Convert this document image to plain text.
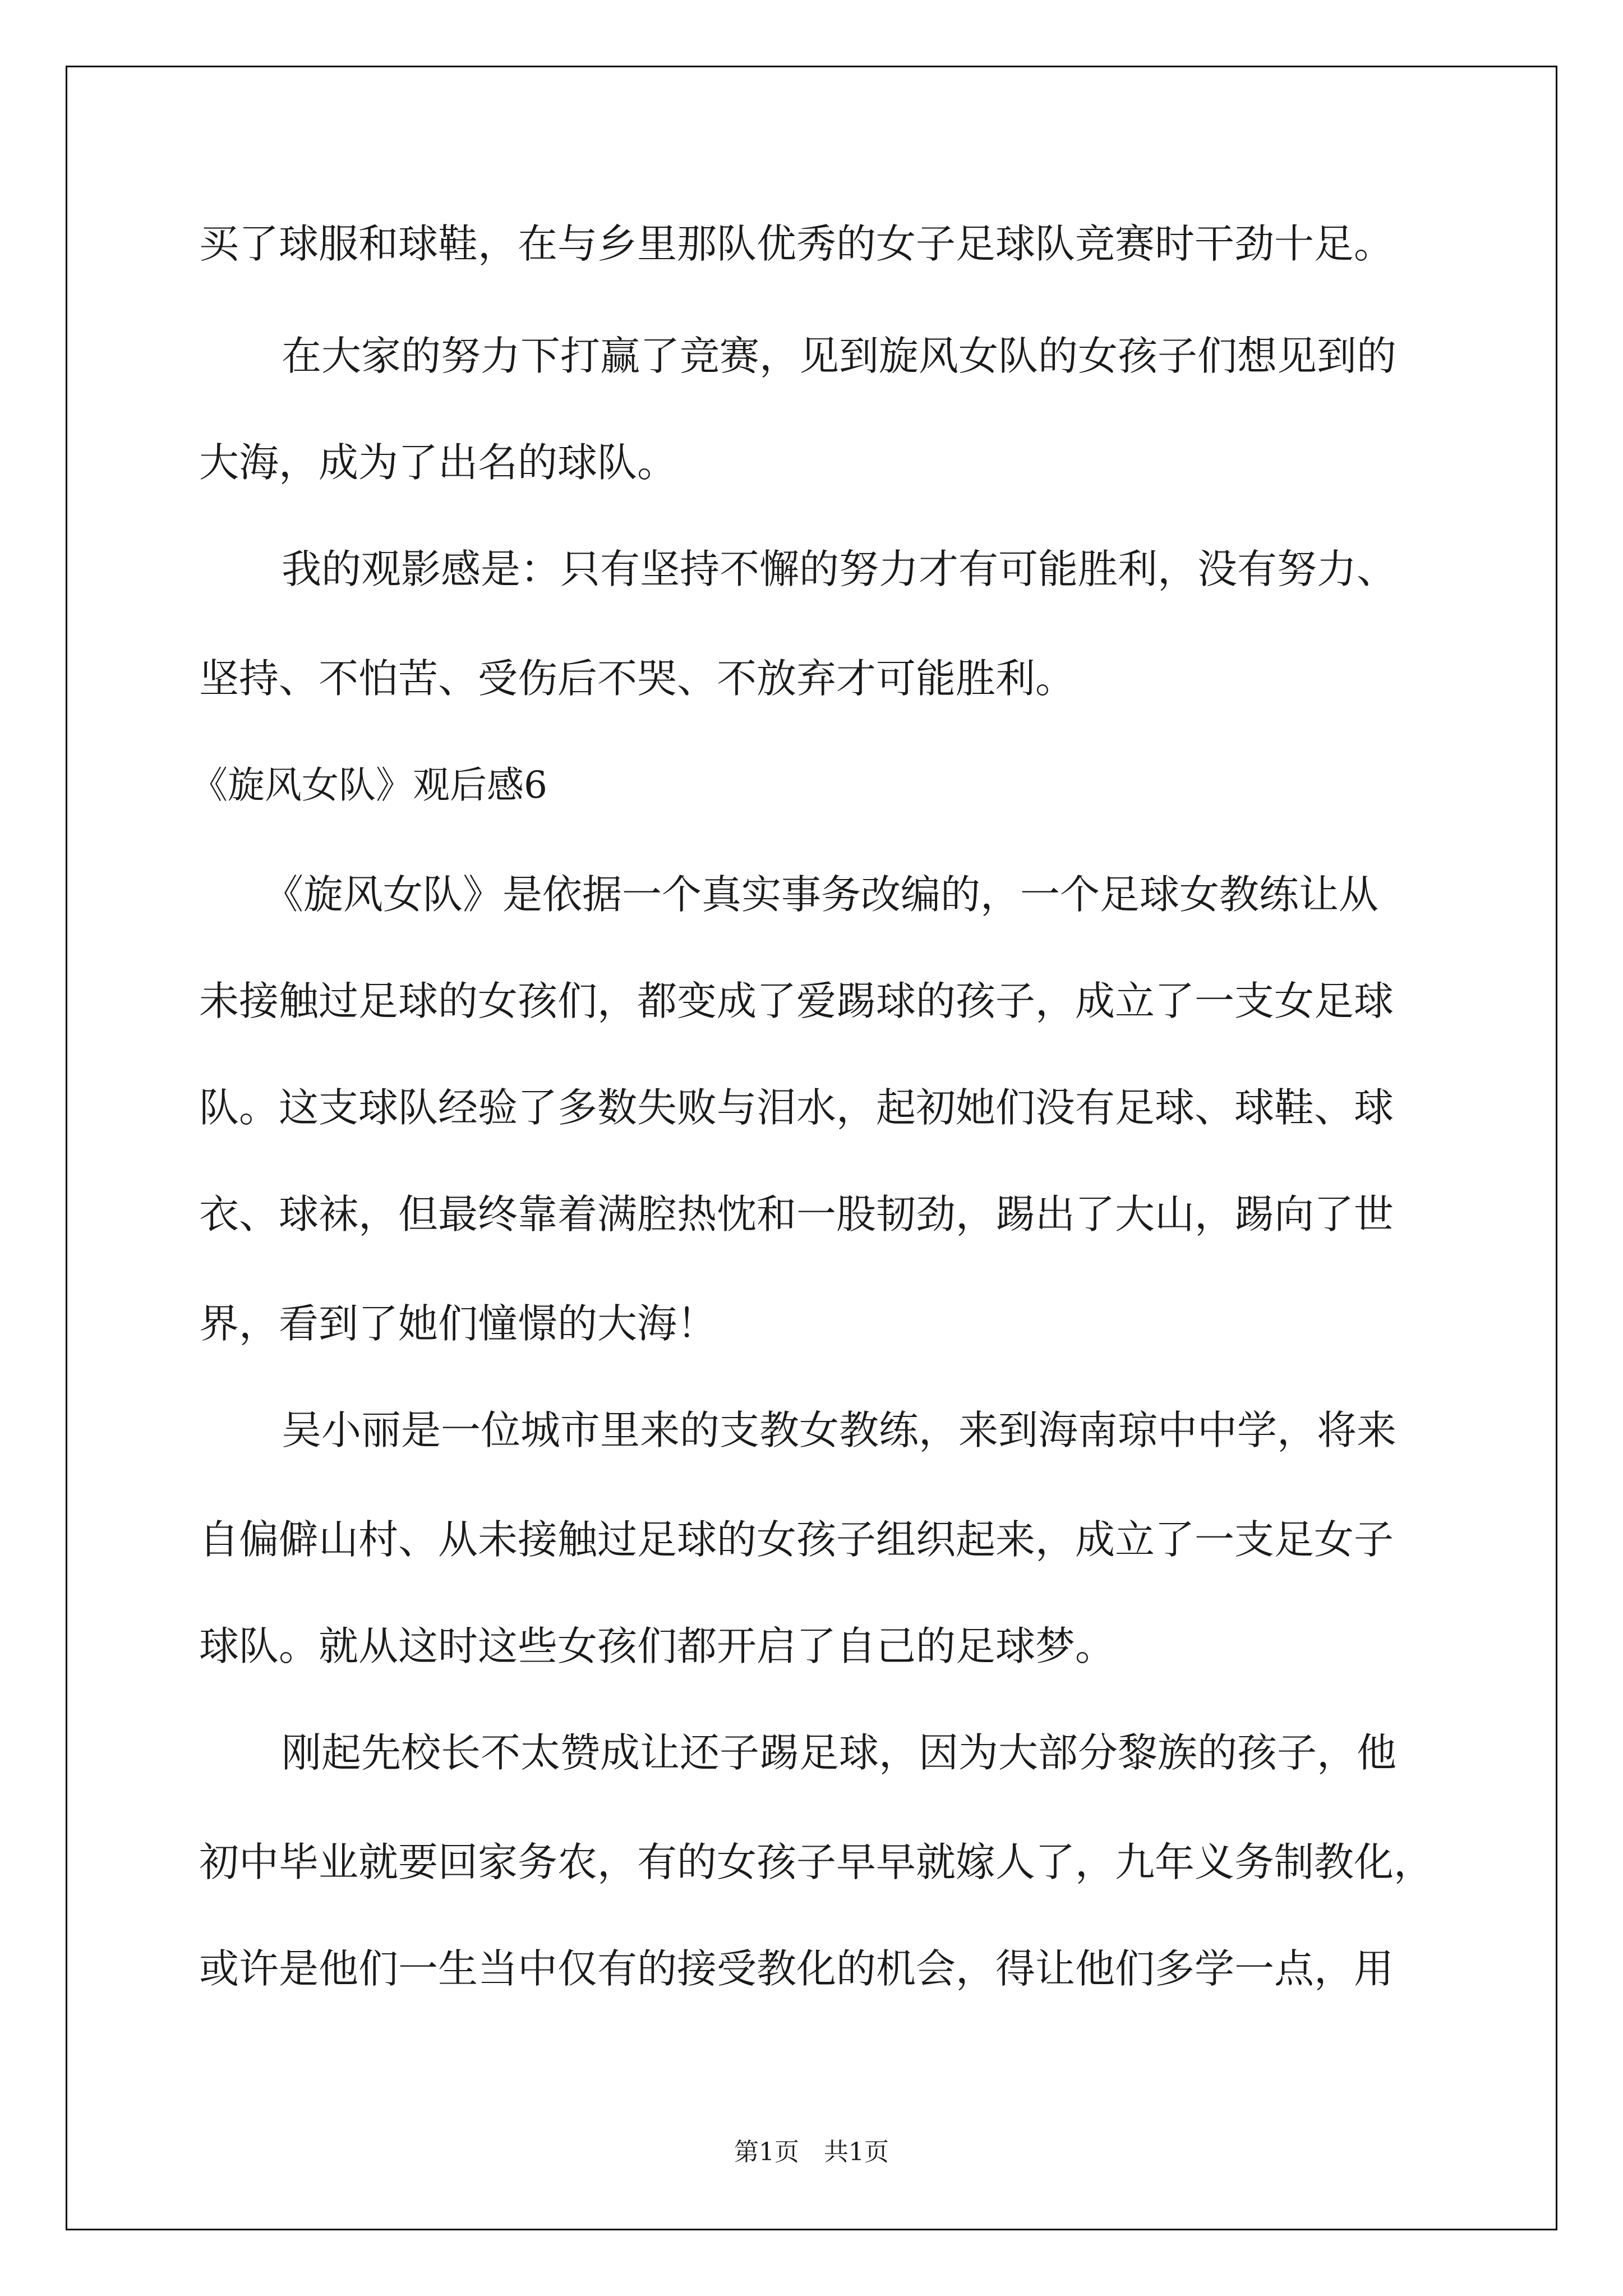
买了球服和球鞋，在与乡里那队优秀的女子足球队竞赛时干劲十足。
在大家的努力下打赢了竞赛，见到旋风女队的女孩子们想见到的
大海，成为了出名的球队。
我的观影感是：只有坚持不懈的努力才有可能胜利，没有努力、
坚持、不怕苦、受伤后不哭、不放弃才可能胜利。
《旋风女队》观后感6
《旋风女队》是依据一个真实事务改编的，一个足球女教练让从
未接触过足球的女孩们，都变成了爱踢球的孩子，成立了一支女足球
队。这支球队经验了多数失败与泪水，起初她们没有足球、球鞋、球
衣、球袜，但最终靠着满腔热忱和一股韧劲，踢出了大山，踢向了世
界，看到了她们憧憬的大海！
吴小丽是一位城市里来的支教女教练，来到海南琼中中学，将来
自偏僻山村、从未接触过足球的女孩子组织起来，成立了一支足女子
球队。就从这时这些女孩们都开启了自己的足球梦。
刚起先校长不太赞成让还子踢足球，因为大部分黎族的孩子，他
初中毕业就要回家务农，有的女孩子早早就嫁人了，九年义务制教化，
或许是他们一生当中仅有的接受教化的机会，得让他们多学一点，用
第1页　共1页
